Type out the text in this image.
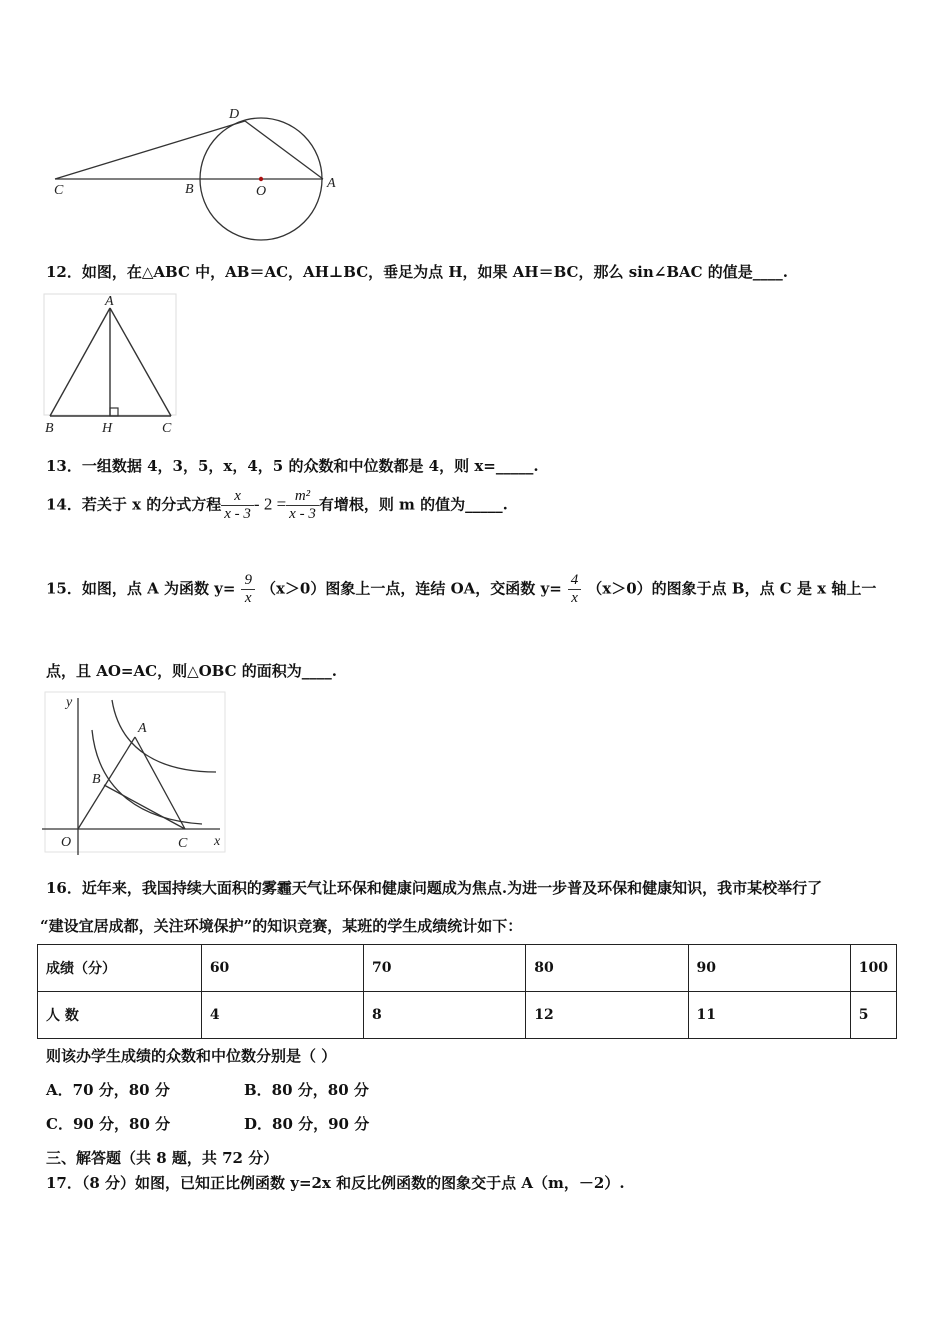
D
C	B	O
A
12．如图，在△ABC 中，AB＝AC，AH⊥BC，垂足为点 H，如果 AH＝BC，那么 sin∠BAC 的值是____.
A
B	H	C
13．一组数据 4，3，5，x，4，5 的众数和中位数都是 4，则 x=_____.
14．若关于 x 的分式方程 $\frac{x}{x - 3} - 2 = \frac{\text{m²}}{x - 3}$ 有增根，则 m 的值为_____.
15．如图，点 A 为函数 $y= \frac{9}{x} (x>0)$图象上一点，连结 OA，交函数 $y= \frac{4}{x} (x>0)$的图象于点 B，点 C 是 x 轴上一
点，且 AO=AC，则△OBC 的面积为____.
y
A
B
O	C x
16．近年来，我国持续大面积的雾霾天气让环保和健康问题成为焦点.为进一步普及环保和健康知识，我市某校举行了
“建设宜居成都，关注环境保护”的知识竞赛，某班的学生成绩统计如下：
成绩（分）	60	70	80	90	100
人 数	4	8	12	11	5
则该办学生成绩的众数和中位数分别是（ ）
A．70 分，80 分	B．80 分，80 分
C．90 分，80 分	D．80 分，90 分
三、解答题（共 8 题，共 72 分）
17．（8 分）如图，已知正比例函数 y=2x 和反比例函数的图象交于点 A（m，－2）.
